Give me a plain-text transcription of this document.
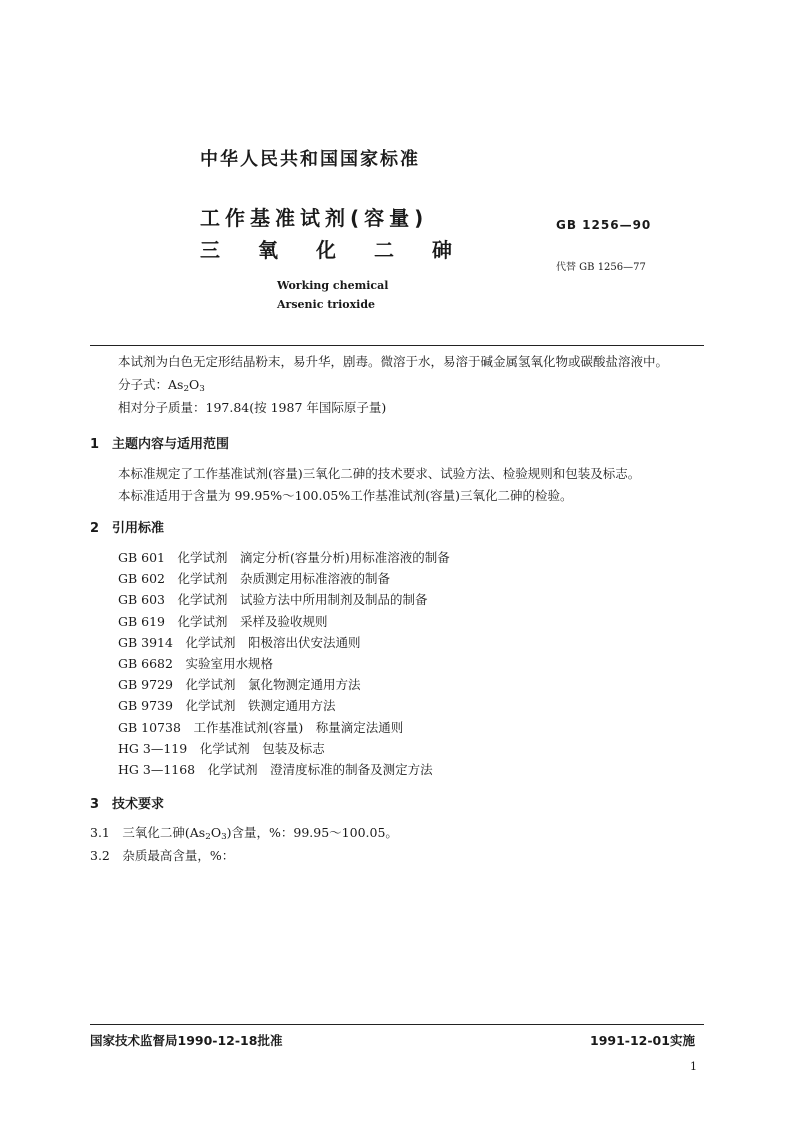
中华人民共和国国家标准
工作基准试剂(容量)
三 氧 化 二 砷
GB 1256—90
代替 GB 1256—77
Working chemical
Arsenic trioxide
本试剂为白色无定形结晶粉末，易升华，剧毒。微溶于水，易溶于碱金属氢氧化物或碳酸盐溶液中。
分子式：$As_2O_3$
相对分子质量：197.84(按 1987 年国际原子量)
1　主题内容与适用范围
本标准规定了工作基准试剂(容量)三氧化二砷的技术要求、试验方法、检验规则和包装及标志。
本标准适用于含量为 99.95%～100.05%工作基准试剂(容量)三氧化二砷的检验。
2　引用标准
GB 601　 化学试剂　滴定分析(容量分析)用标准溶液的制备
GB 602　 化学试剂　杂质测定用标准溶液的制备
GB 603　 化学试剂　试验方法中所用制剂及制品的制备
GB 619　 化学试剂　采样及验收规则
GB 3914　 化学试剂　阳极溶出伏安法通则
GB 6682　 实验室用水规格
GB 9729　 化学试剂　氯化物测定通用方法
GB 9739　 化学试剂　铁测定通用方法
GB 10738　 工作基准试剂(容量)　称量滴定法通则
HG 3—119　 化学试剂　包装及标志
HG 3—1168　 化学试剂　澄清度标准的制备及测定方法
3　技术要求
3.1　 三氧化二砷$(As_2O_3)$含量，%：99.95～100.05。
3.2　 杂质最高含量，%：
国家技术监督局1990-12-18批准	1991-12-01实施
1
